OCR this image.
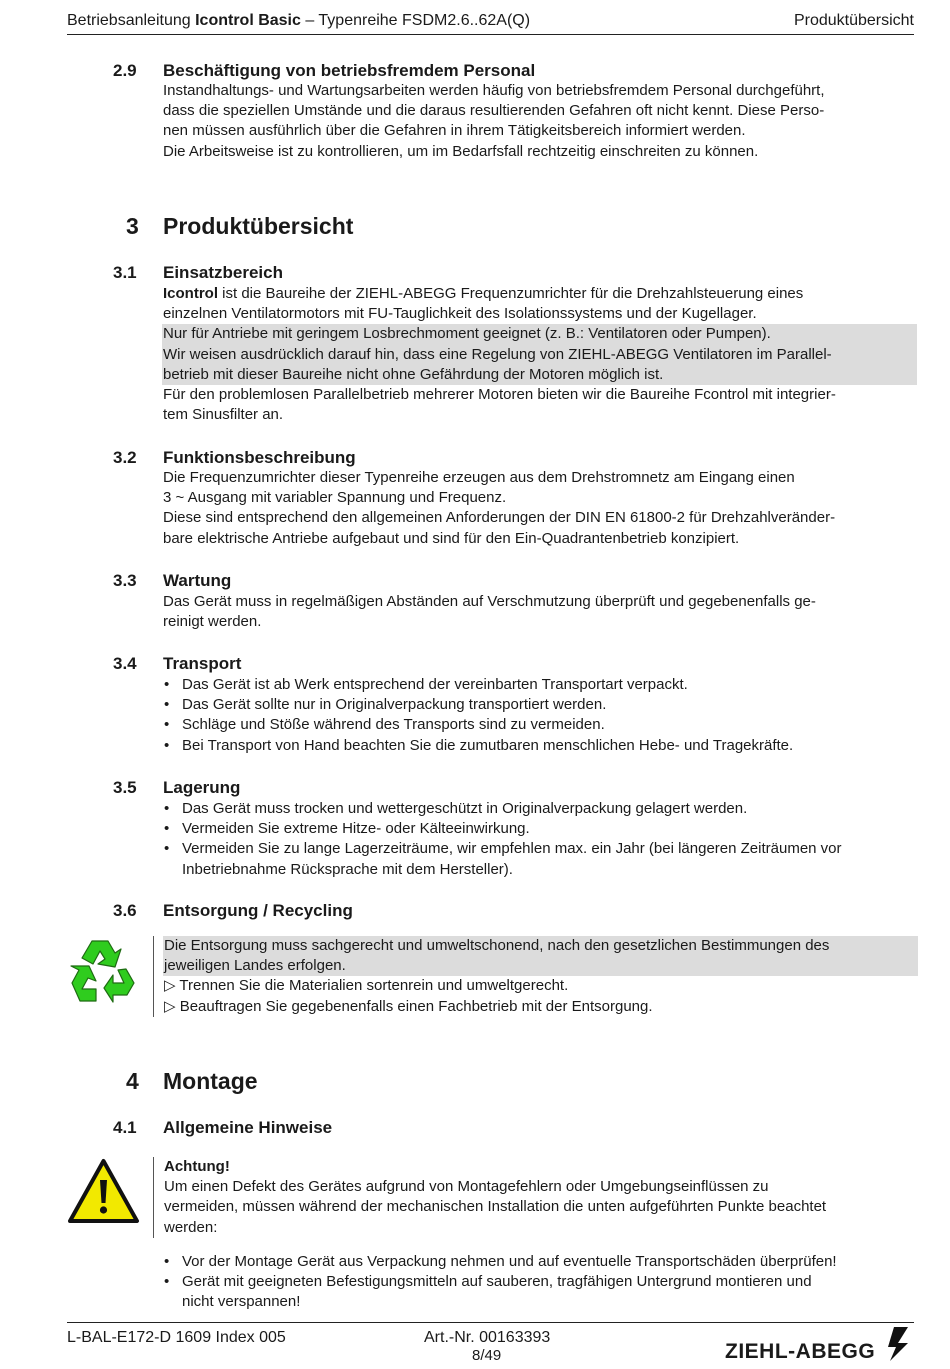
Betriebsanleitung Icontrol Basic – Typenreihe FSDM2.6..62A(Q)	Produktübersicht
2.9	Beschäftigung von betriebsfremdem Personal
Instandhaltungs- und Wartungsarbeiten werden häufig von betriebsfremdem Personal durchgeführt,
dass die speziellen Umstände und die daraus resultierenden Gefahren oft nicht kennt. Diese Perso-
nen müssen ausführlich über die Gefahren in ihrem Tätigkeitsbereich informiert werden.
Die Arbeitsweise ist zu kontrollieren, um im Bedarfsfall rechtzeitig einschreiten zu können.
3 Produktübersicht
3.1	Einsatzbereich
Icontrol ist die Baureihe der ZIEHL-ABEGG Frequenzumrichter für die Drehzahlsteuerung eines
einzelnen Ventilatormotors mit FU-Tauglichkeit des Isolationssystems und der Kugellager.
Nur für Antriebe mit geringem Losbrechmoment geeignet (z. B.: Ventilatoren oder Pumpen).
Wir weisen ausdrücklich darauf hin, dass eine Regelung von ZIEHL-ABEGG Ventilatoren im Parallel-
betrieb mit dieser Baureihe nicht ohne Gefährdung der Motoren möglich ist.
Für den problemlosen Parallelbetrieb mehrerer Motoren bieten wir die Baureihe Fcontrol mit integrier-
tem Sinusfilter an.
3.2	Funktionsbeschreibung
Die Frequenzumrichter dieser Typenreihe erzeugen aus dem Drehstromnetz am Eingang einen
3 ~ Ausgang mit variabler Spannung und Frequenz.
Diese sind entsprechend den allgemeinen Anforderungen der DIN EN 61800-2 für Drehzahlveränder-
bare elektrische Antriebe aufgebaut und sind für den Ein-Quadrantenbetrieb konzipiert.
3.3	Wartung
Das Gerät muss in regelmäßigen Abständen auf Verschmutzung überprüft und gegebenenfalls ge-
reinigt werden.
3.4	Transport
• Das Gerät ist ab Werk entsprechend der vereinbarten Transportart verpackt.
• Das Gerät sollte nur in Originalverpackung transportiert werden.
• Schläge und Stöße während des Transports sind zu vermeiden.
• Bei Transport von Hand beachten Sie die zumutbaren menschlichen Hebe- und Tragekräfte.
3.5	Lagerung
• Das Gerät muss trocken und wettergeschützt in Originalverpackung gelagert werden.
• Vermeiden Sie extreme Hitze- oder Kälteeinwirkung.
• Vermeiden Sie zu lange Lagerzeiträume, wir empfehlen max. ein Jahr (bei längeren Zeiträumen vor
Inbetriebnahme Rücksprache mit dem Hersteller).
3.6	Entsorgung / Recycling
Die Entsorgung muss sachgerecht und umweltschonend, nach den gesetzlichen Bestimmungen des
jeweiligen Landes erfolgen.
▷ Trennen Sie die Materialien sortenrein und umweltgerecht.
▷ Beauftragen Sie gegebenenfalls einen Fachbetrieb mit der Entsorgung.
4 Montage
4.1	Allgemeine Hinweise
Achtung!
Um einen Defekt des Gerätes aufgrund von Montagefehlern oder Umgebungseinflüssen zu
vermeiden, müssen während der mechanischen Installation die unten aufgeführten Punkte beachtet
werden:
• Vor der Montage Gerät aus Verpackung nehmen und auf eventuelle Transportschäden überprüfen!
• Gerät mit geeigneten Befestigungsmitteln auf sauberen, tragfähigen Untergrund montieren und
nicht verspannen!
L-BAL-E172-D 1609 Index 005	Art.-Nr. 00163393
8/49	ZIEHL-ABEGG
